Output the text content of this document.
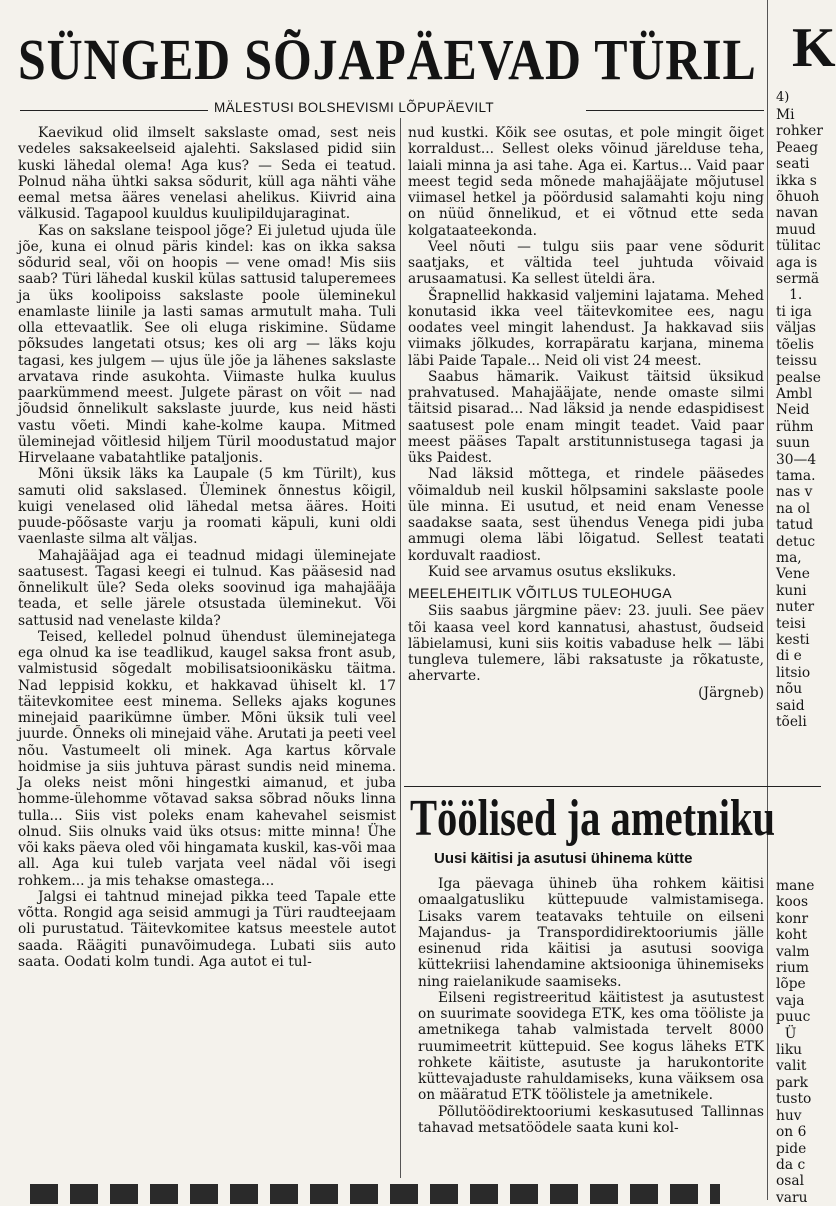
SÜNGED SÕJAPÄEVAD TÜRIL

MÄLESTUSI BOLSHEVISMI LÕPUPÄEVILT

Kaevikud olid ilmselt sakslaste omad, sest neis vedeles saksakeelseid ajalehti. Sakslased pidid siin kuski lähedal olema! Aga kus? — Seda ei teatud. Polnud näha ühtki saksa sõdurit, küll aga nähti vähe eemal metsa ääres venelasi ahelikus. Kiivrid aina välkusid. Tagapool kuuldus kuulipildujaraginat.

Kas on sakslane teispool jõge? Ei juletud ujuda üle jõe, kuna ei olnud päris kindel: kas on ikka saksa sõdurid seal, või on hoopis — vene omad! Mis siis saab? Türi lähedal kuskil külas sattusid taluperemees ja üks koolipoiss sakslaste poole üleminekul enamlaste liinile ja lasti samas armutult maha. Tuli olla ettevaatlik. See oli eluga riskimine. Südame põksudes langetati otsus; kes oli arg — läks koju tagasi, kes julgem — ujus üle jõe ja lähenes sakslaste arvatava rinde asukohta. Viimaste hulka kuulus paarkümmend meest. Julgete pärast on võit — nad jõudsid õnnelikult sakslaste juurde, kus neid hästi vastu võeti. Mindi kahe-kolme kaupa. Mitmed üleminejad võitlesid hiljem Türil moodustatud major Hirvelaane vabatahtlike pataljonis.

Mõni üksik läks ka Laupale (5 km Türilt), kus samuti olid sakslased. Üleminek õnnestus kõigil, kuigi venelased olid lähedal metsa ääres. Hoiti puude-põõsaste varju ja roomati käpuli, kuni oldi vaenlaste silma alt väljas.

Mahajääjad aga ei teadnud midagi üleminejate saatusest. Tagasi keegi ei tulnud. Kas pääsesid nad õnnelikult üle? Seda oleks soovinud iga mahajääja teada, et selle järele otsustada üleminekut. Või sattusid nad venelaste kilda?

Teised, kelledel polnud ühendust üleminejatega ega olnud ka ise teadlikud, kaugel saksa front asub, valmistusid sõgedalt mobilisatsioonikäsku täitma. Nad leppisid kokku, et hakkavad ühiselt kl. 17 täitevkomitee eest minema. Selleks ajaks kogunes minejaid paarikümne ümber. Mõni üksik tuli veel juurde. Õnneks oli minejaid vähe. Arutati ja peeti veel nõu. Vastumeelt oli minek. Aga kartus kõrvale hoidmise ja siis juhtuva pärast sundis neid minema. Ja oleks neist mõni hingestki aimanud, et juba homme-ülehomme võtavad saksa sõbrad nõuks linna tulla... Siis vist poleks enam kahevahel seismist olnud. Siis olnuks vaid üks otsus: mitte minna! Ühe või kaks päeva oled või hingamata kuskil, kas-või maa all. Aga kui tuleb varjata veel nädal või isegi rohkem... ja mis tehakse omastega...

Jalgsi ei tahtnud minejad pikka teed Tapale ette võtta. Rongid aga seisid ammugi ja Türi raudteejaam oli purustatud. Täitevkomitee katsus meestele autot saada. Räägiti punavõimudega. Lubati siis auto saata. Oodati kolm tundi. Aga autot ei tul-

nud kustki. Kõik see osutas, et pole mingit õiget korraldust... Sellest oleks võinud järelduse teha, laiali minna ja asi tahe. Aga ei. Kartus... Vaid paar meest tegid seda mõnede mahajääjate mõjutusel viimasel hetkel ja pöördusid salamahti koju ning on nüüd õnnelikud, et ei võtnud ette seda kolgataateekonda.

Veel nõuti — tulgu siis paar vene sõdurit saatjaks, et vältida teel juhtuda võivaid arusaamatusi. Ka sellest üteldi ära.

Šrapnellid hakkasid valjemini lajatama. Mehed konutasid ikka veel täitevkomitee ees, nagu oodates veel mingit lahendust. Ja hakkavad siis viimaks jõlkudes, korrapäratu karjana, minema läbi Paide Tapale... Neid oli vist 24 meest.

Saabus hämarik. Vaikust täitsid üksikud prahvatused. Mahajääjate, nende omaste silmi täitsid pisarad... Nad läksid ja nende edaspidisest saatusest pole enam mingit teadet. Vaid paar meest pääses Tapalt arstitunnistusega tagasi ja üks Paidest.

Nad läksid mõttega, et rindele pääsedes võimaldub neil kuskil hõlpsamini sakslaste poole üle minna. Ei usutud, et neid enam Venesse saadakse saata, sest ühendus Venega pidi juba ammugi olema läbi lõigatud. Sellest teatati korduvalt raadiost.

Kuid see arvamus osutus ekslikuks.

MEELEHEITLIK VÕITLUS TULEOHUGA

Siis saabus järgmine päev: 23. juuli. See päev tõi kaasa veel kord kannatusi, ahastust, õudseid läbielamusi, kuni siis koitis vabaduse helk — läbi tungleva tulemere, läbi raksatuste ja rõkatuste, ahervarte.

(Järgneb)

Töölised ja ametniku

Uusi käitisi ja asutusi ühinema kütte

Iga päevaga ühineb üha rohkem käitisi omaalgatusliku küttepuude valmistamisega. Lisaks varem teatavaks tehtuile on eilseni Majandus- ja Transpordidirektooriumis jälle esinenud rida käitisi ja asutusi sooviga küttekriisi lahendamine aktsiooniga ühinemiseks ning raielanikude saamiseks.

Eilseni registreeritud käitistest ja asutustest on suurimate soovidega ETK, kes oma tööliste ja ametnikega tahab valmistada tervelt 8000 ruumimeetrit küttepuid. See kogus läheks ETK rohkete käitiste, asutuste ja harukontorite küttevajaduste rahuldamiseks, kuna väiksem osa on määratud ETK töölistele ja ametnikele.

Põllutöödirektooriumi keskasutused Tallinnas tahavad metsatöödele saata kuni kol-

K

4)

Mi
rohker
Peaeg
seati
ikka s
õhuoh
navan
muud
tülitac
aga is
sermä
1.
ti iga
väljas
tõelis
teissu
pealse
Ambl
Neid
rühm
suun
30—4
tama.
nas v
na ol
tatud
detuc
ma,
Vene
kuni
nuter
teisi
kesti
di e
litsio
nõu
said
tõeli

mane
koos
konr
koht
valm
rium
lõpe
vaja
puuc
Ü
liku
valit
park
tusto
huv
on 6
pide
da c
osal
varu
